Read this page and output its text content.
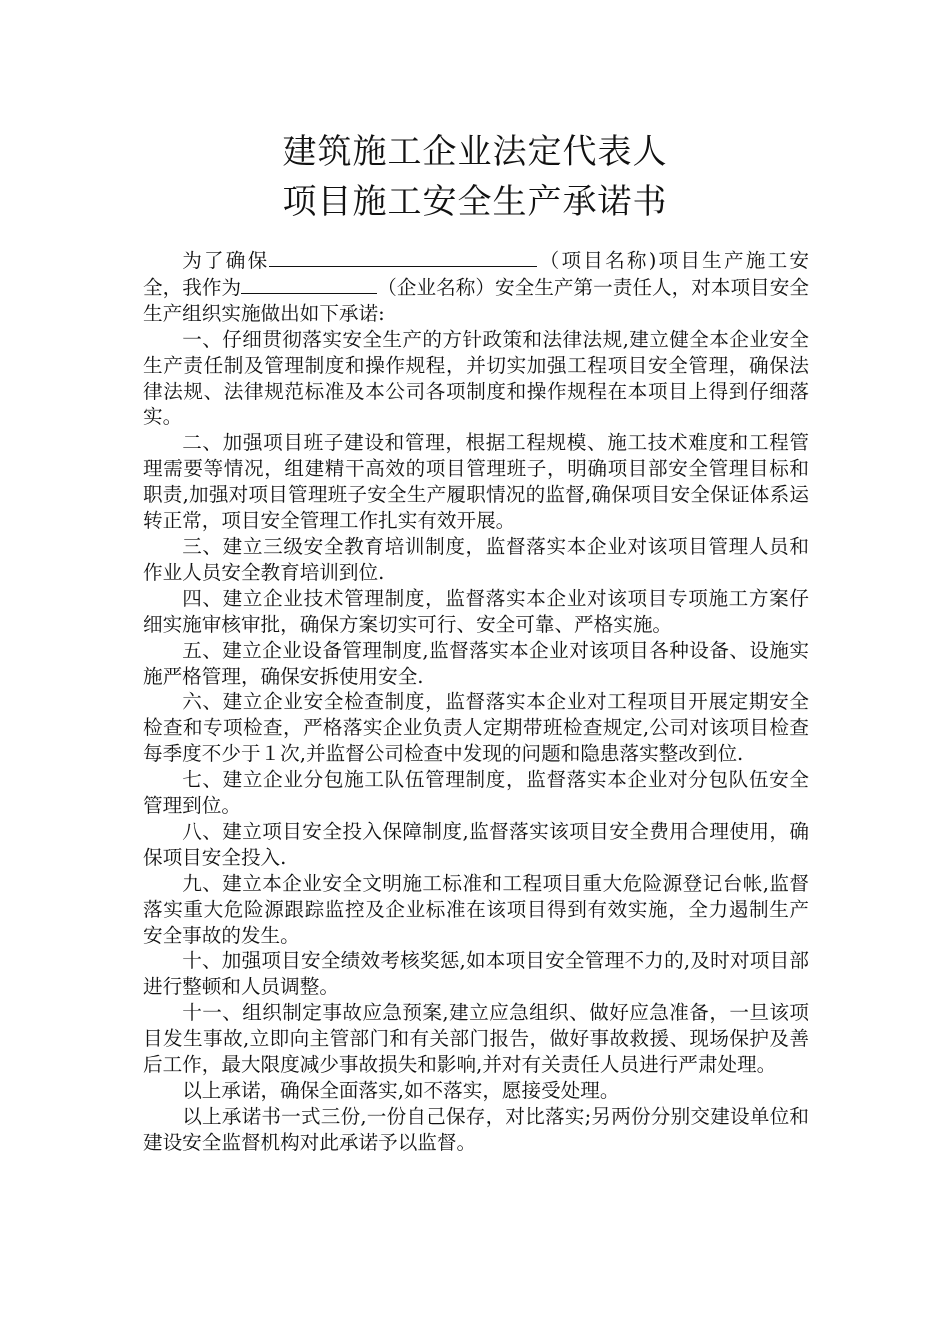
建筑施工企业法定代表人
项目施工安全生产承诺书

为了确保	（项目名称)项目生产施工安全，我作为	（企业名称）安全生产第一责任人，对本项目安全生产组织实施做出如下承诺:

一、仔细贯彻落实安全生产的方针政策和法律法规,建立健全本企业安全生产责任制及管理制度和操作规程，并切实加强工程项目安全管理，确保法律法规、法律规范标准及本公司各项制度和操作规程在本项目上得到仔细落实。

二、加强项目班子建设和管理，根据工程规模、施工技术难度和工程管理需要等情况，组建精干高效的项目管理班子，明确项目部安全管理目标和职责,加强对项目管理班子安全生产履职情况的监督,确保项目安全保证体系运转正常，项目安全管理工作扎实有效开展。

三、建立三级安全教育培训制度，监督落实本企业对该项目管理人员和作业人员安全教育培训到位.

四、建立企业技术管理制度，监督落实本企业对该项目专项施工方案仔细实施审核审批，确保方案切实可行、安全可靠、严格实施。

五、建立企业设备管理制度,监督落实本企业对该项目各种设备、设施实施严格管理，确保安拆使用安全.

六、建立企业安全检查制度，监督落实本企业对工程项目开展定期安全检查和专项检查，严格落实企业负责人定期带班检查规定,公司对该项目检查每季度不少于１次,并监督公司检查中发现的问题和隐患落实整改到位.

七、建立企业分包施工队伍管理制度，监督落实本企业对分包队伍安全管理到位。

八、建立项目安全投入保障制度,监督落实该项目安全费用合理使用，确保项目安全投入.

九、建立本企业安全文明施工标准和工程项目重大危险源登记台帐,监督落实重大危险源跟踪监控及企业标准在该项目得到有效实施，全力遏制生产安全事故的发生。

十、加强项目安全绩效考核奖惩,如本项目安全管理不力的,及时对项目部进行整顿和人员调整。

十一、组织制定事故应急预案,建立应急组织、做好应急准备，一旦该项目发生事故,立即向主管部门和有关部门报告，做好事故救援、现场保护及善后工作，最大限度减少事故损失和影响,并对有关责任人员进行严肃处理。

以上承诺，确保全面落实,如不落实，愿接受处理。

以上承诺书一式三份,一份自己保存，对比落实;另两份分别交建设单位和建设安全监督机构对此承诺予以监督。
